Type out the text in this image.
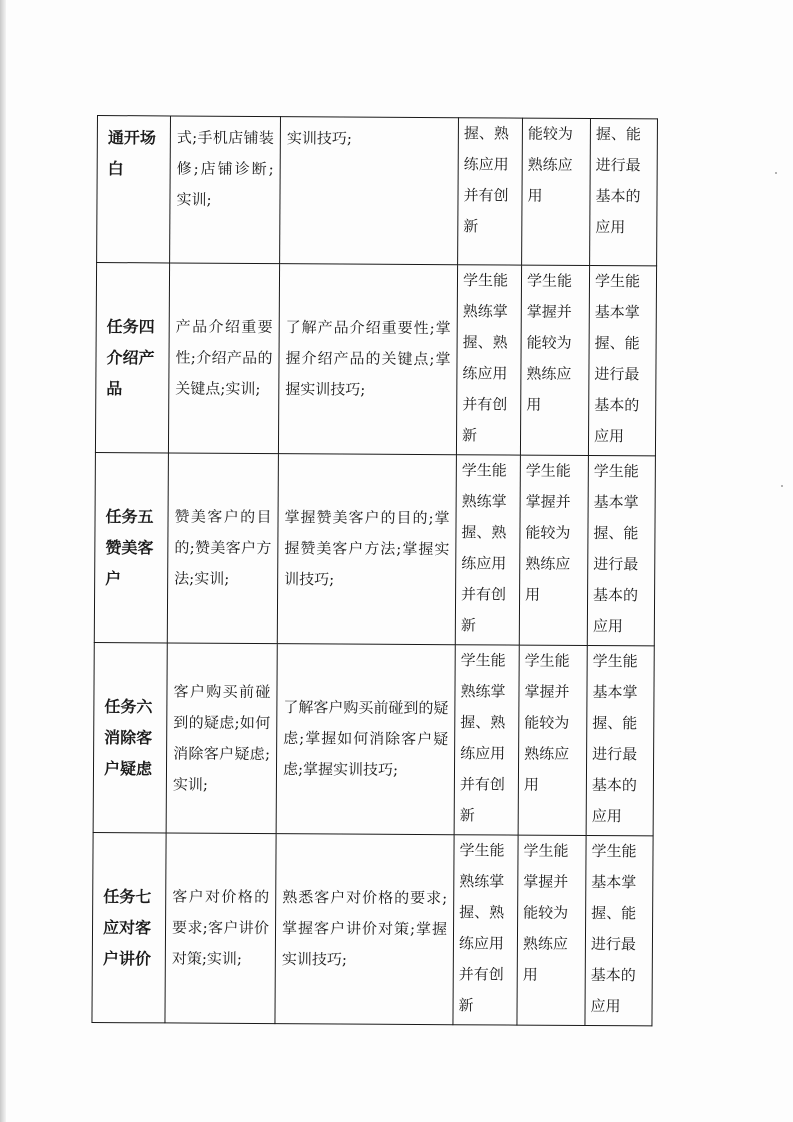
通开场白	式;手机店铺装修;店铺诊断;实训;	实训技巧;	握、熟练应用并有创新	能较为熟练应用	握、能进行最基本的应用
任务四介绍产品	产品介绍重要性;介绍产品的关键点;实训;	了解产品介绍重要性;掌握介绍产品的关键点;掌握实训技巧;	学生能熟练掌握、熟练应用并有创新	学生能掌握并能较为熟练应用	学生能基本掌握、能进行最基本的应用
任务五赞美客户	赞美客户的目的;赞美客户方法;实训;	掌握赞美客户的目的;掌握赞美客户方法;掌握实训技巧;	学生能熟练掌握、熟练应用并有创新	学生能掌握并能较为熟练应用	学生能基本掌握、能进行最基本的应用
任务六消除客户疑虑	客户购买前碰到的疑虑;如何消除客户疑虑;实训;	了解客户购买前碰到的疑虑;掌握如何消除客户疑虑;掌握实训技巧;	学生能熟练掌握、熟练应用并有创新	学生能掌握并能较为熟练应用	学生能基本掌握、能进行最基本的应用
任务七应对客户讲价	客户对价格的要求;客户讲价对策;实训;	熟悉客户对价格的要求;掌握客户讲价对策;掌握实训技巧;	学生能熟练掌握、熟练应用并有创新	学生能掌握并能较为熟练应用	学生能基本掌握、能进行最基本的应用
